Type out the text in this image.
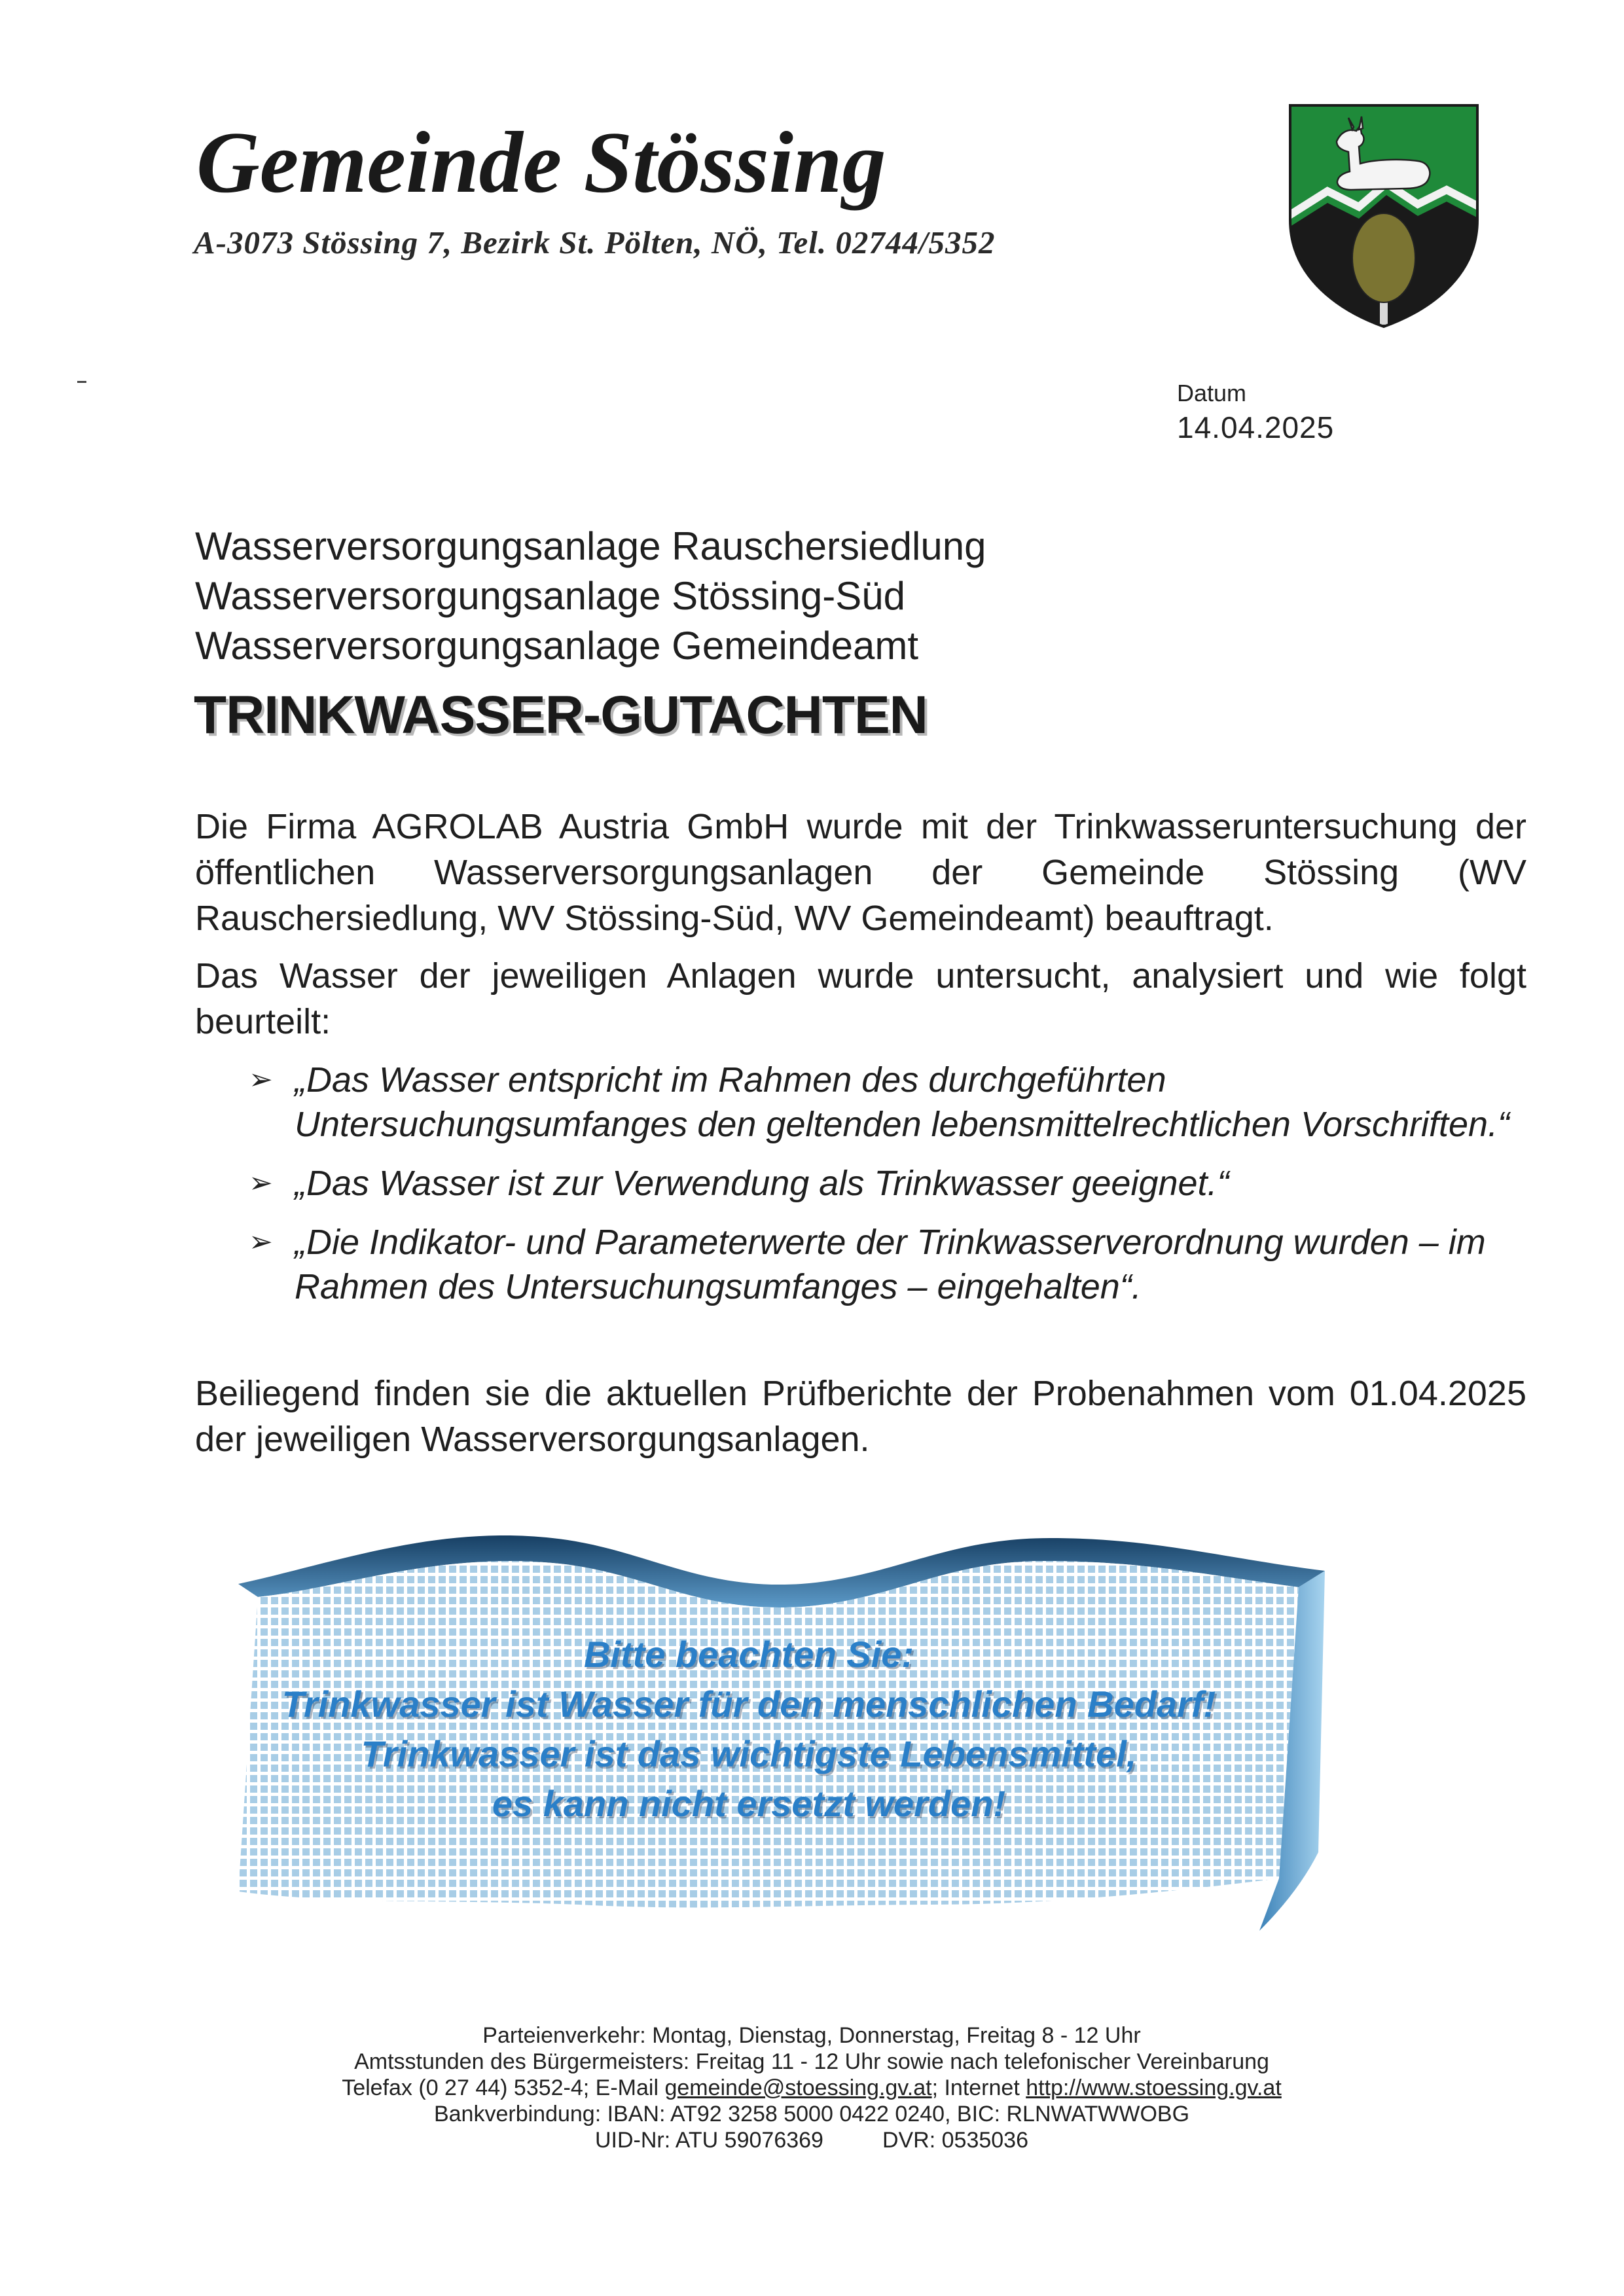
Gemeinde Stössing
A-3073 Stössing 7, Bezirk St. Pölten, NÖ, Tel. 02744/5352
Datum
14.04.2025
Wasserversorgungsanlage Rauschersiedlung
Wasserversorgungsanlage Stössing-Süd
Wasserversorgungsanlage Gemeindeamt
TRINKWASSER-GUTACHTEN

Die Firma AGROLAB Austria GmbH wurde mit der Trinkwasseruntersuchung der öffentlichen Wasserversorgungsanlagen der Gemeinde Stössing (WV Rauschersiedlung, WV Stössing-Süd, WV Gemeindeamt) beauftragt.

Das Wasser der jeweiligen Anlagen wurde untersucht, analysiert und wie folgt beurteilt:

➢ „Das Wasser entspricht im Rahmen des durchgeführten Untersuchungsumfanges den geltenden lebensmittelrechtlichen Vorschriften.“
➢ „Das Wasser ist zur Verwendung als Trinkwasser geeignet.“
➢ „Die Indikator- und Parameterwerte der Trinkwasserverordnung wurden – im Rahmen des Untersuchungsumfanges – eingehalten“.

Beiliegend finden sie die aktuellen Prüfberichte der Probenahmen vom 01.04.2025 der jeweiligen Wasserversorgungsanlagen.

Bitte beachten Sie:
Trinkwasser ist Wasser für den menschlichen Bedarf!
Trinkwasser ist das wichtigste Lebensmittel,
es kann nicht ersetzt werden!
Parteienverkehr: Montag, Dienstag, Donnerstag, Freitag 8 - 12 Uhr
Amtsstunden des Bürgermeisters: Freitag 11 - 12 Uhr sowie nach telefonischer Vereinbarung
Telefax (0 27 44) 5352-4; E-Mail gemeinde@stoessing.gv.at; Internet http://www.stoessing.gv.at
Bankverbindung: IBAN: AT92 3258 5000 0422 0240, BIC: RLNWATWWOBG
UID-Nr: ATU 59076369	DVR: 0535036
